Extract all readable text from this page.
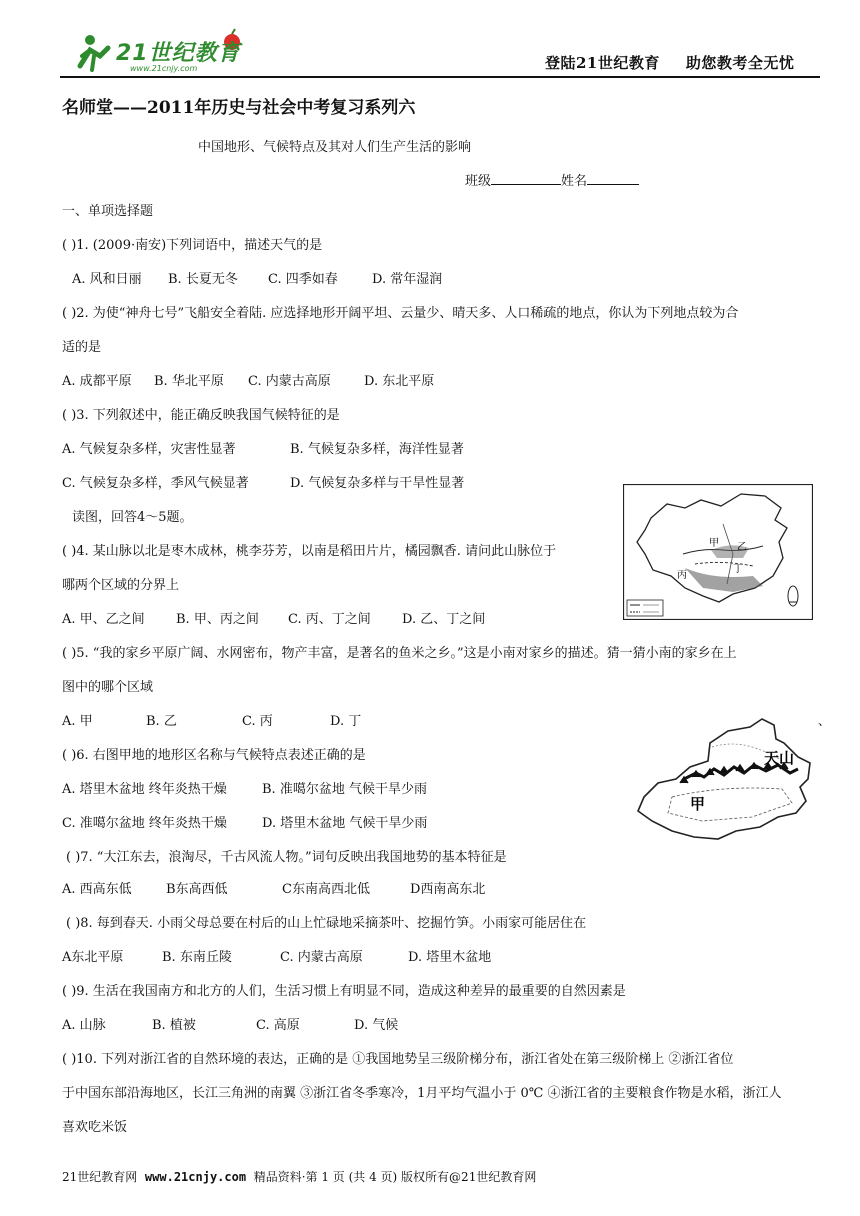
21世纪教育
www.21cnjy.com	登陆21世纪教育 助您教考全无忧
名师堂——2011年历史与社会中考复习系列六
中国地形、气候特点及其对人们生产生活的影响
班级	姓名
一、单项选择题
( )1. (2009·南安)下列词语中，描述天气的是
A. 风和日丽 B. 长夏无冬 C. 四季如春	D. 常年湿润
( )2. 为使“神舟七号”飞船安全着陆. 应选择地形开阔平坦、云量少、晴天多、人口稀疏的地点，你认为下列地点较为合
适的是
A. 成都平原 B. 华北平原 C. 内蒙古高原	D. 东北平原
( )3. 下列叙述中，能正确反映我国气候特征的是
A. 气候复杂多样，灾害性显著	B. 气候复杂多样，海洋性显著
C. 气候复杂多样，季风气候显著	D. 气候复杂多样与干旱性显著
读图，回答4～5题。
甲 乙
丙
丁
( )4. 某山脉以北是枣木成林，桃李芬芳，以南是稻田片片，橘园飘香. 请问此山脉位于
哪两个区域的分界上
A. 甲、乙之间 B. 甲、丙之间 C. 丙、丁之间 D. 乙、丁之间
( )5. “我的家乡平原广阔、水网密布，物产丰富，是著名的鱼米之乡。”这是小南对家乡的描述。猜一猜小南的家乡在上
图中的哪个区域
A. 甲	B. 乙	C. 丙	D. 丁	、
天山
甲
( )6. 右图甲地的地形区名称与气候特点表述正确的是
A. 塔里木盆地 终年炎热干燥	B. 准噶尔盆地 气候干旱少雨
C. 准噶尔盆地 终年炎热干燥	D. 塔里木盆地 气候干旱少雨
( )7. “大江东去，浪淘尽，千古风流人物。”词句反映出我国地势的基本特征是
A. 西高东低	B东高西低	C东南高西北低	D西南高东北
( )8. 每到春天. 小雨父母总要在村后的山上忙碌地采摘茶叶、挖掘竹笋。小雨家可能居住在
A东北平原	B. 东南丘陵	C. 内蒙古高原	D. 塔里木盆地
( )9. 生活在我国南方和北方的人们，生活习惯上有明显不同，造成这种差异的最重要的自然因素是
A. 山脉	B. 植被	C. 高原	D. 气候
( )10. 下列对浙江省的自然环境的表达，正确的是 ①我国地势呈三级阶梯分布，浙江省处在第三级阶梯上 ②浙江省位
于中国东部沿海地区，长江三角洲的南翼 ③浙江省冬季寒冷，1月平均气温小于 0℃ ④浙江省的主要粮食作物是水稻，浙江人
喜欢吃米饭
21世纪教育网 www.21cnjy.com 精品资料·第 1 页 (共 4 页) 版权所有@21世纪教育网
